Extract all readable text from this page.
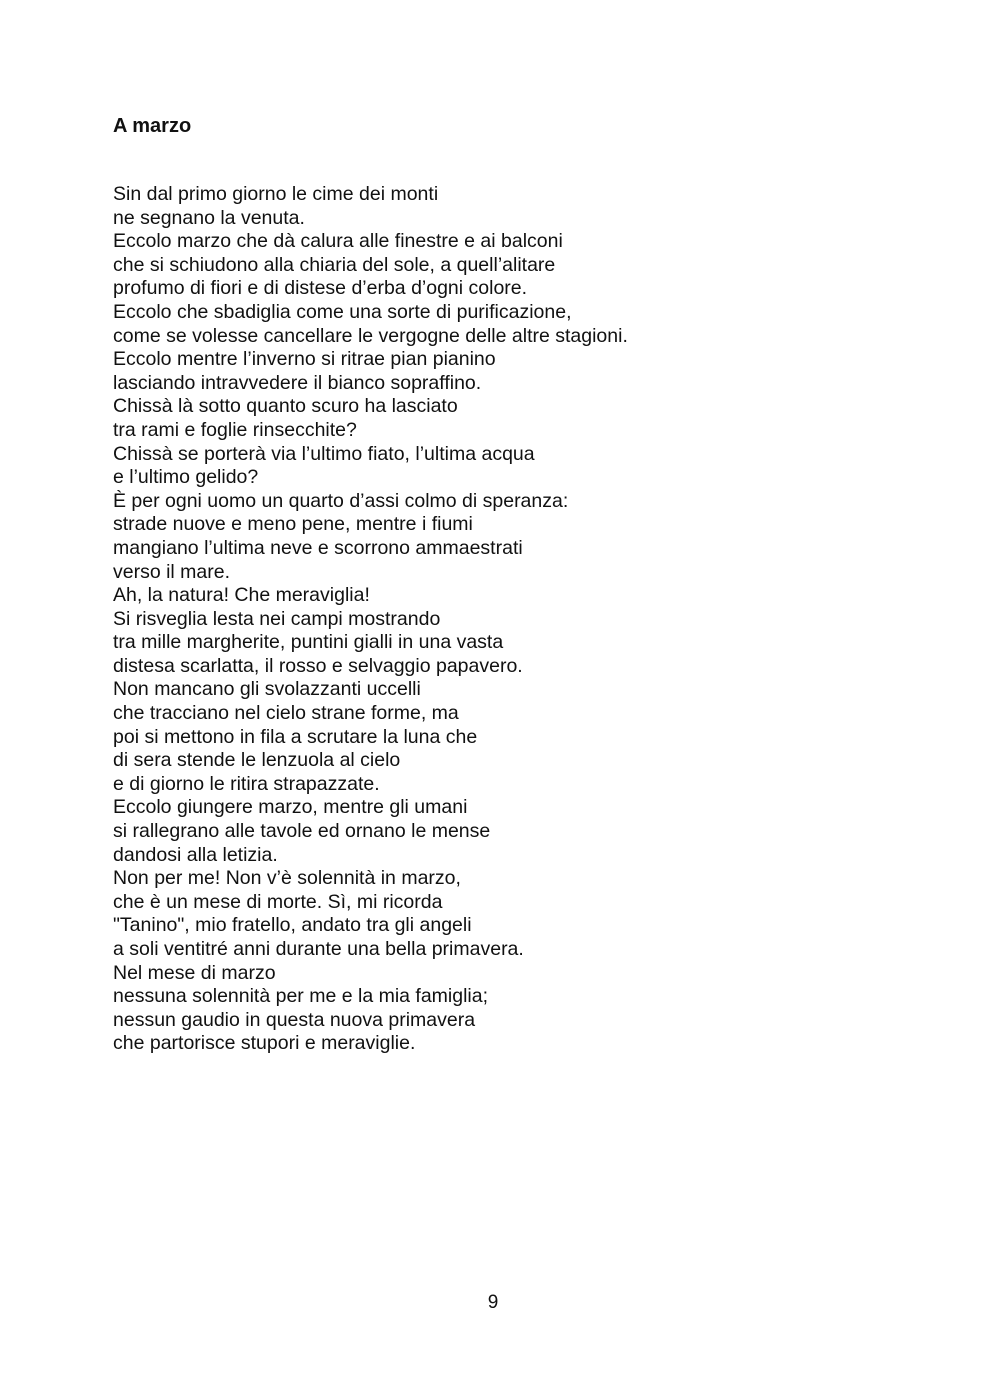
A marzo
Sin dal primo giorno le cime dei monti
ne segnano la venuta.
Eccolo marzo che dà calura alle finestre e ai balconi
che si schiudono alla chiaria del sole, a quell’alitare
profumo di fiori e di distese d’erba d’ogni colore.
Eccolo che sbadiglia come una sorte di purificazione,
come se volesse cancellare le vergogne delle altre stagioni.
Eccolo mentre l’inverno si ritrae pian pianino
lasciando intravvedere il bianco sopraffino.
Chissà là sotto quanto scuro ha lasciato
tra rami e foglie rinsecchite?
Chissà se porterà via l’ultimo fiato, l’ultima acqua
e l’ultimo gelido?
È per ogni uomo un quarto d’assi colmo di speranza:
strade nuove e meno pene, mentre i fiumi
mangiano l’ultima neve e scorrono ammaestrati
verso il mare.
Ah, la natura! Che meraviglia!
Si risveglia lesta nei campi mostrando
tra mille margherite, puntini gialli in una vasta
distesa scarlatta, il rosso e selvaggio papavero.
Non mancano gli svolazzanti uccelli
che tracciano nel cielo strane forme, ma
poi si mettono in fila a scrutare la luna che
di sera stende le lenzuola al cielo
e di giorno le ritira strapazzate.
Eccolo giungere marzo, mentre gli umani
si rallegrano alle tavole ed ornano le mense
dandosi alla letizia.
Non per me! Non v’è solennità in marzo,
che è un mese di morte. Sì, mi ricorda
"Tanino", mio fratello, andato tra gli angeli
a soli ventitré anni durante una bella primavera.
Nel mese di marzo
nessuna solennità per me e la mia famiglia;
nessun gaudio in questa nuova primavera
che partorisce stupori e meraviglie.
9
